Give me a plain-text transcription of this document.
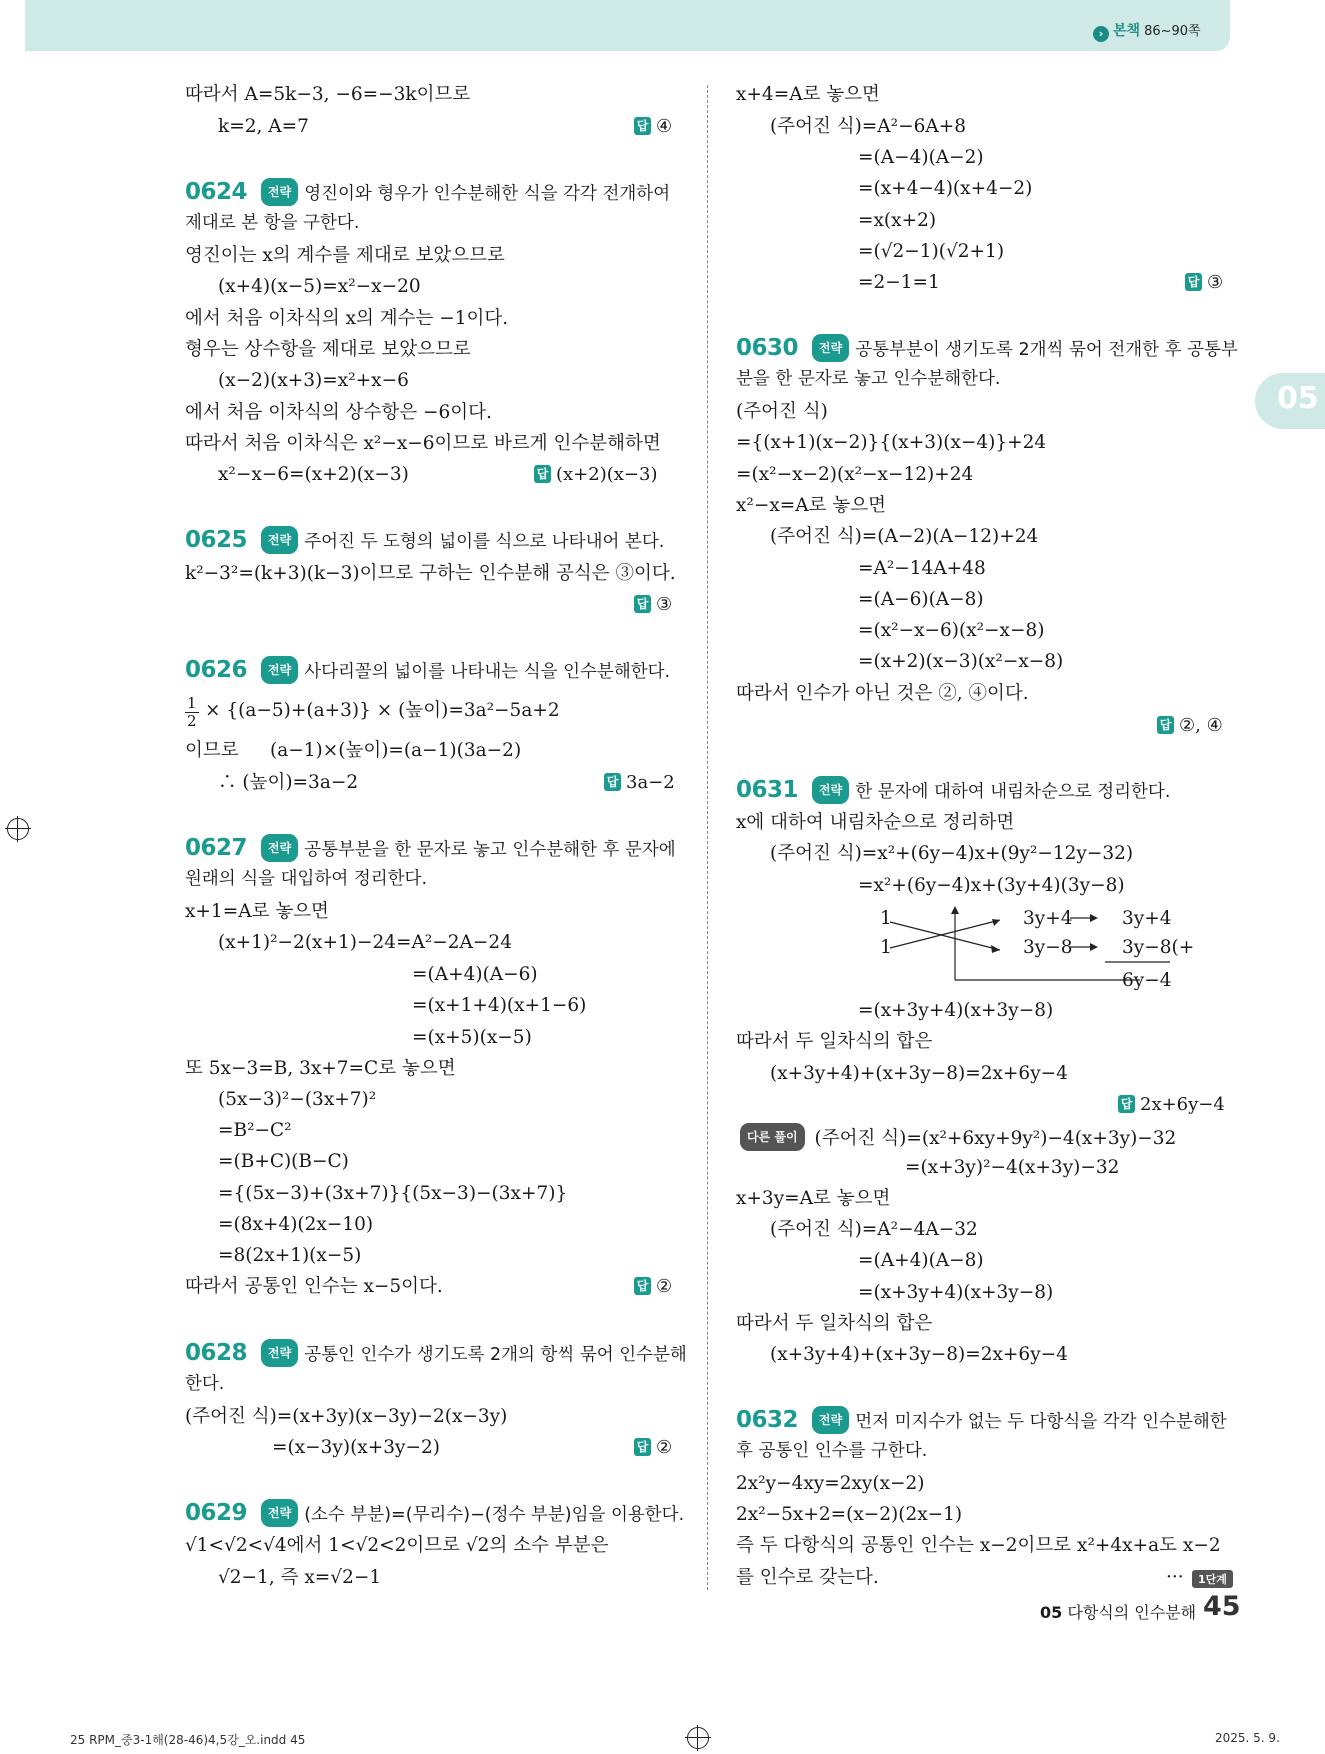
› 본책 86~90쪽
05
따라서 A=5k−3, −6=−3k이므로
k=2, A=7	답 ④
0624 전략 영진이와 형우가 인수분해한 식을 각각 전개하여
제대로 본 항을 구한다.
영진이는 x의 계수를 제대로 보았으므로
(x+4)(x−5)=x²−x−20
에서 처음 이차식의 x의 계수는 −1이다.
형우는 상수항을 제대로 보았으므로
(x−2)(x+3)=x²+x−6
에서 처음 이차식의 상수항은 −6이다.
따라서 처음 이차식은 x²−x−6이므로 바르게 인수분해하면
x²−x−6=(x+2)(x−3)	답 (x+2)(x−3)
0625 전략 주어진 두 도형의 넓이를 식으로 나타내어 본다.
k²−3²=(k+3)(k−3)이므로 구하는 인수분해 공식은 ③이다.
답 ③
0626 전략 사다리꼴의 넓이를 나타내는 식을 인수분해한다.
$\frac{1}{2} \times \{(a-5)+(a+3)\}$ × (높이)=3a²−5a+2
이므로 (a−1)×(높이)=(a−1)(3a−2)
∴ (높이)=3a−2	답 3a−2
0627 전략 공통부분을 한 문자로 놓고 인수분해한 후 문자에
원래의 식을 대입하여 정리한다.
x+1=A로 놓으면
(x+1)²−2(x+1)−24=A²−2A−24
=(A+4)(A−6)
=(x+1+4)(x+1−6)
=(x+5)(x−5)
또 5x−3=B, 3x+7=C로 놓으면
(5x−3)²−(3x+7)²
=B²−C²
=(B+C)(B−C)
={(5x−3)+(3x+7)}{(5x−3)−(3x+7)}
=(8x+4)(2x−10)
=8(2x+1)(x−5)
따라서 공통인 인수는 x−5이다.	답 ②
0628 전략 공통인 인수가 생기도록 2개의 항씩 묶어 인수분해
한다.
(주어진 식)=(x+3y)(x−3y)−2(x−3y)
=(x−3y)(x+3y−2)	답 ②
0629 전략 (소수 부분)=(무리수)−(정수 부분)임을 이용한다.
√1<√2<√4에서 1<√2<2이므로 √2의 소수 부분은
√2−1, 즉 x=√2−1
x+4=A로 놓으면
(주어진 식)=A²−6A+8
=(A−4)(A−2)
=(x+4−4)(x+4−2)
=x(x+2)
=(√2−1)(√2+1)
=2−1=1	답 ③
0630 전략 공통부분이 생기도록 2개씩 묶어 전개한 후 공통부
분을 한 문자로 놓고 인수분해한다.
(주어진 식)
={(x+1)(x−2)}{(x+3)(x−4)}+24
=(x²−x−2)(x²−x−12)+24
x²−x=A로 놓으면
(주어진 식)=(A−2)(A−12)+24
=A²−14A+48
=(A−6)(A−8)
=(x²−x−6)(x²−x−8)
=(x+2)(x−3)(x²−x−8)
따라서 인수가 아닌 것은 ②, ④이다.
답 ②, ④
0631 전략 한 문자에 대하여 내림차순으로 정리한다.
x에 대하여 내림차순으로 정리하면
(주어진 식)=x²+(6y−4)x+(9y²−12y−32)
=x²+(6y−4)x+(3y+4)(3y−8)
1
1
3y+4
3y−8
3y+4
3y−8(+
6y−4
=(x+3y+4)(x+3y−8)
따라서 두 일차식의 합은
(x+3y+4)+(x+3y−8)=2x+6y−4
답 2x+6y−4
다른 풀이 (주어진 식)=(x²+6xy+9y²)−4(x+3y)−32
=(x+3y)²−4(x+3y)−32
x+3y=A로 놓으면
(주어진 식)=A²−4A−32
=(A+4)(A−8)
=(x+3y+4)(x+3y−8)
따라서 두 일차식의 합은
(x+3y+4)+(x+3y−8)=2x+6y−4
0632 전략 먼저 미지수가 없는 두 다항식을 각각 인수분해한
후 공통인 인수를 구한다.
2x²y−4xy=2xy(x−2)
2x²−5x+2=(x−2)(2x−1)
즉 두 다항식의 공통인 인수는 x−2이므로 x²+4x+a도 x−2
를 인수로 갖는다.	···	1단계
05 다항식의 인수분해 45
25 RPM_중3-1해(28-46)4,5강_오.indd 45	2025. 5. 9.
